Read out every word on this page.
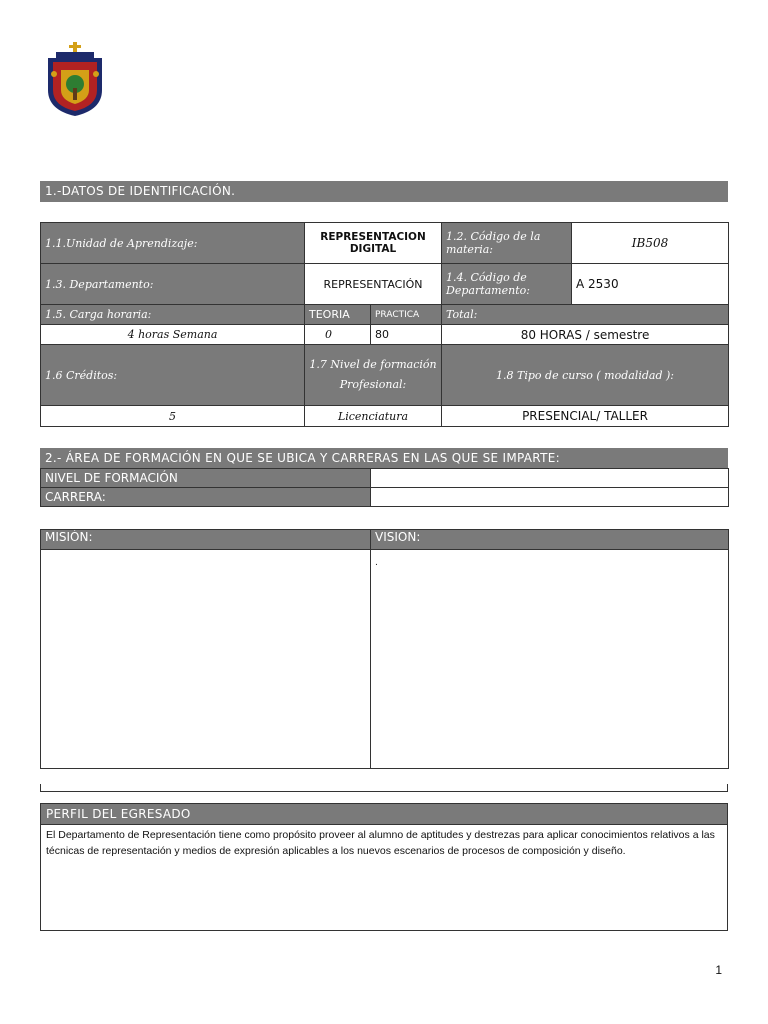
1.-DATOS DE IDENTIFICACIÓN.
1.1.Unidad de Aprendizaje:	REPRESENTACION DIGITAL		1.2. Código de la materia:	IB508
1.3. Departamento:	REPRESENTACIÓN		1.4. Código de Departamento:	A 2530
1.5. Carga horaria:	TEORIA	PRACTICA	Total:	
4 horas Semana	0	80	80 HORAS / semestre	
1.6 Créditos:	1.7 Nivel de formación Profesional:		1.8 Tipo de curso ( modalidad ):	
5	Licenciatura		PRESENCIAL/ TALLER	
2.- ÁREA DE FORMACIÓN EN QUE SE UBICA Y CARRERAS EN LAS QUE SE IMPARTE:
NIVEL DE FORMACIÓN	
CARRERA:	
MISIÓN:	VISION:
	.
PERFIL DEL EGRESADO
El Departamento de Representación tiene como propósito proveer al alumno de aptitudes y destrezas para aplicar conocimientos relativos a las técnicas de representación y medios de expresión aplicables a los nuevos escenarios de procesos de composición y diseño.
1
